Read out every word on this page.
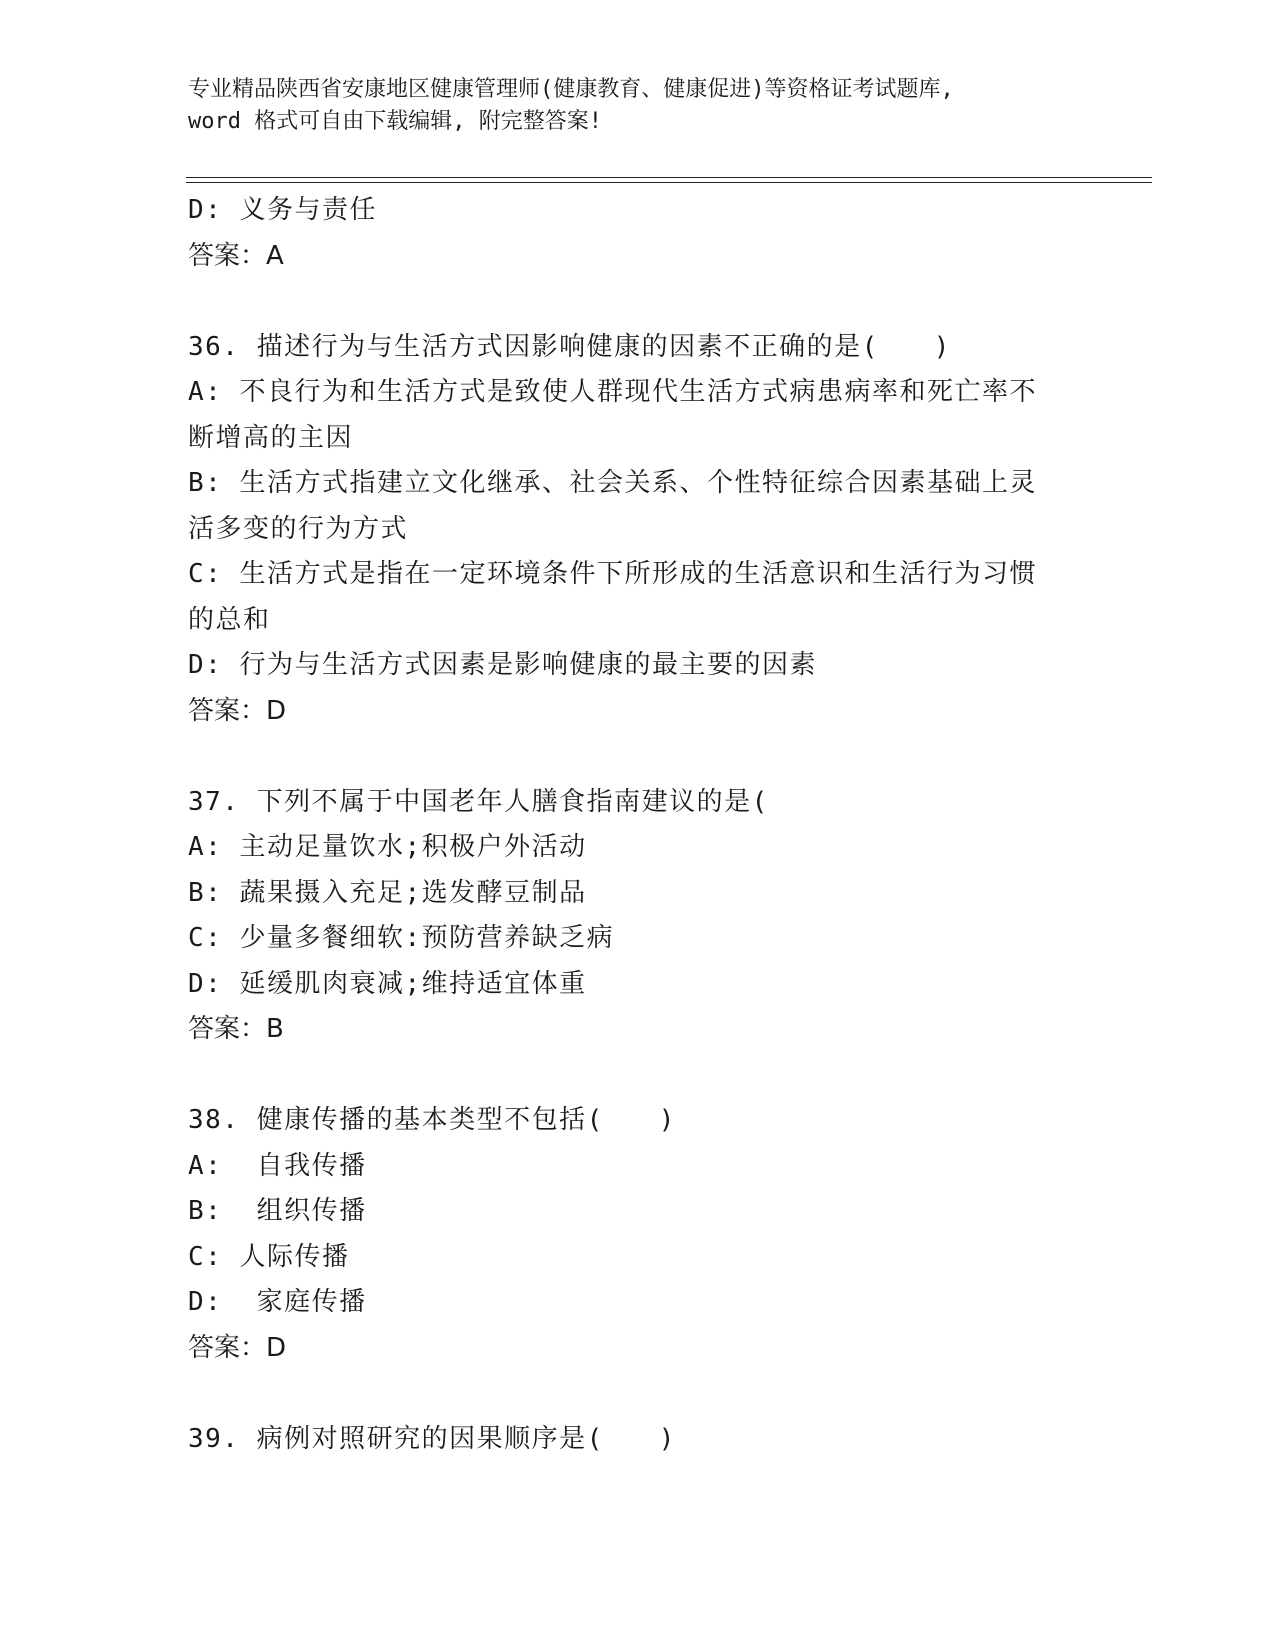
专业精品陕西省安康地区健康管理师(健康教育、健康促进)等资格证考试题库,
word 格式可自由下载编辑, 附完整答案!
D: 义务与责任
答案：A
36. 描述行为与生活方式因影响健康的因素不正确的是(　　)
A: 不良行为和生活方式是致使人群现代生活方式病患病率和死亡率不
断增高的主因
B: 生活方式指建立文化继承、社会关系、个性特征综合因素基础上灵
活多变的行为方式
C: 生活方式是指在一定环境条件下所形成的生活意识和生活行为习惯
的总和
D: 行为与生活方式因素是影响健康的最主要的因素
答案：D
37. 下列不属于中国老年人膳食指南建议的是(
A: 主动足量饮水;积极户外活动
B: 蔬果摄入充足;选发酵豆制品
C: 少量多餐细软:预防营养缺乏病
D: 延缓肌肉衰减;维持适宜体重
答案：B
38. 健康传播的基本类型不包括(　　)
A:  自我传播
B:  组织传播
C: 人际传播
D:  家庭传播
答案：D
39. 病例对照研究的因果顺序是(　　)
